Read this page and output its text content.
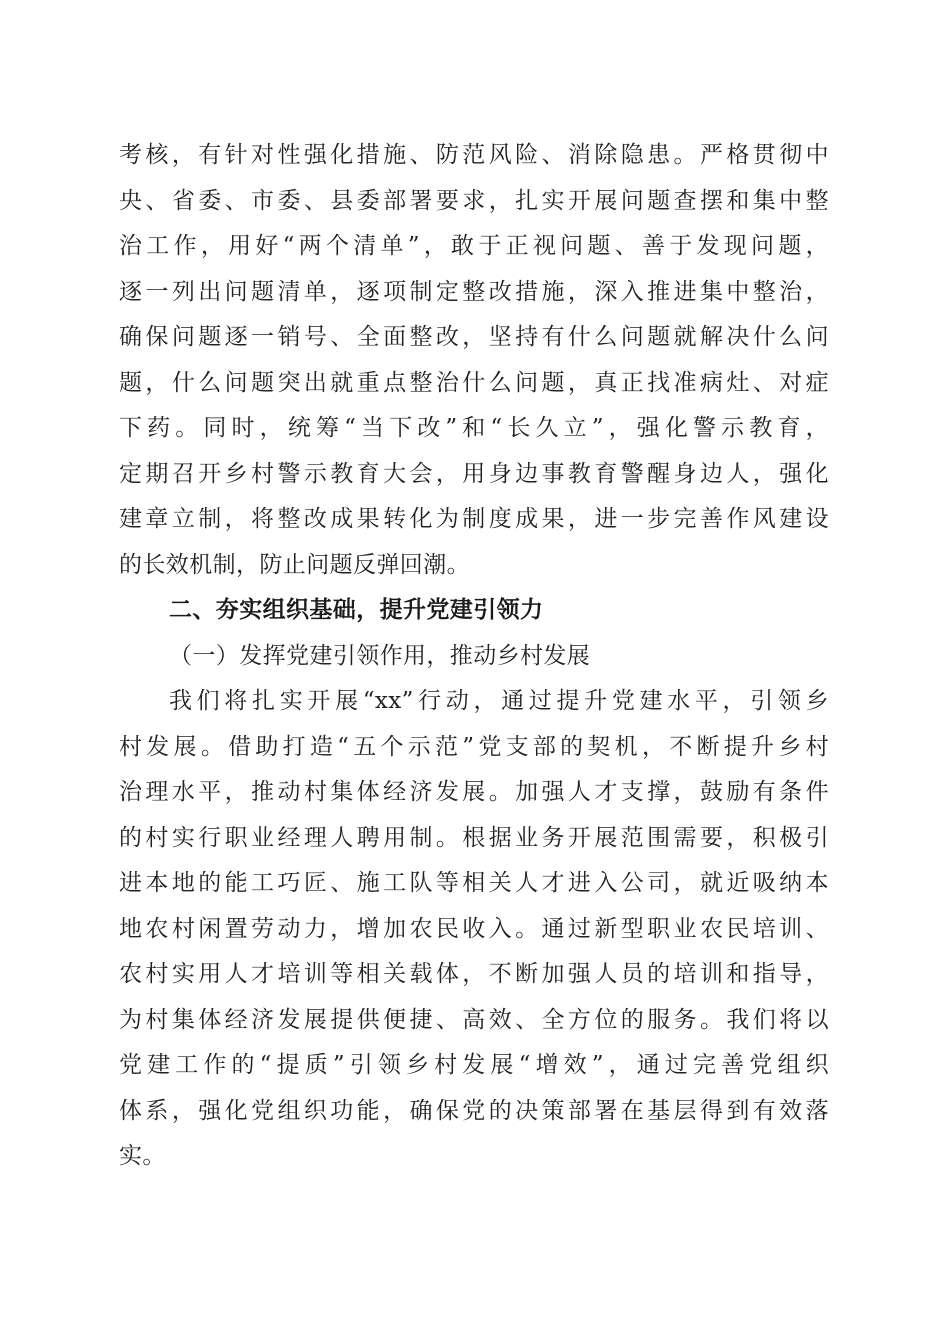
考核，有针对性强化措施、防范风险、消除隐患。严格贯彻中
央、省委、市委、县委部署要求，扎实开展问题查摆和集中整
治工作，用好“两个清单”，敢于正视问题、善于发现问题，
逐一列出问题清单，逐项制定整改措施，深入推进集中整治，
确保问题逐一销号、全面整改，坚持有什么问题就解决什么问
题，什么问题突出就重点整治什么问题，真正找准病灶、对症
下药。同时，统筹“当下改”和“长久立”，强化警示教育，
定期召开乡村警示教育大会，用身边事教育警醒身边人，强化
建章立制，将整改成果转化为制度成果，进一步完善作风建设
的长效机制，防止问题反弹回潮。
二、夯实组织基础，提升党建引领力
（一）发挥党建引领作用，推动乡村发展
我们将扎实开展“xx”行动，通过提升党建水平，引领乡
村发展。借助打造“五个示范”党支部的契机，不断提升乡村
治理水平，推动村集体经济发展。加强人才支撑，鼓励有条件
的村实行职业经理人聘用制。根据业务开展范围需要，积极引
进本地的能工巧匠、施工队等相关人才进入公司，就近吸纳本
地农村闲置劳动力，增加农民收入。通过新型职业农民培训、
农村实用人才培训等相关载体，不断加强人员的培训和指导，
为村集体经济发展提供便捷、高效、全方位的服务。我们将以
党建工作的“提质”引领乡村发展“增效”，通过完善党组织
体系，强化党组织功能，确保党的决策部署在基层得到有效落
实。
